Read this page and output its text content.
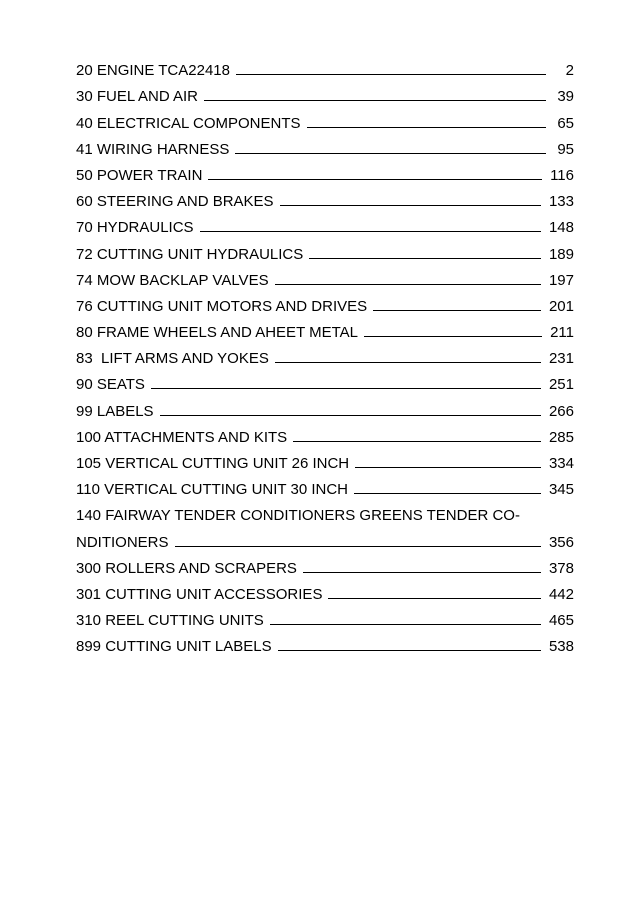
20 ENGINE TCA22418	2
30 FUEL AND AIR	39
40 ELECTRICAL COMPONENTS	65
41 WIRING HARNESS	95
50 POWER TRAIN	116
60 STEERING AND BRAKES	133
70 HYDRAULICS	148
72 CUTTING UNIT HYDRAULICS	189
74 MOW BACKLAP VALVES	197
76 CUTTING UNIT MOTORS AND DRIVES	201
80 FRAME WHEELS AND AHEET METAL	211
83  LIFT ARMS AND YOKES	231
90 SEATS	251
99 LABELS	266
100 ATTACHMENTS AND KITS	285
105 VERTICAL CUTTING UNIT 26 INCH	334
110 VERTICAL CUTTING UNIT 30 INCH	345
140 FAIRWAY TENDER CONDITIONERS GREENS TENDER CO-
NDITIONERS	356
300 ROLLERS AND SCRAPERS	378
301 CUTTING UNIT ACCESSORIES	442
310 REEL CUTTING UNITS	465
899 CUTTING UNIT LABELS	538
